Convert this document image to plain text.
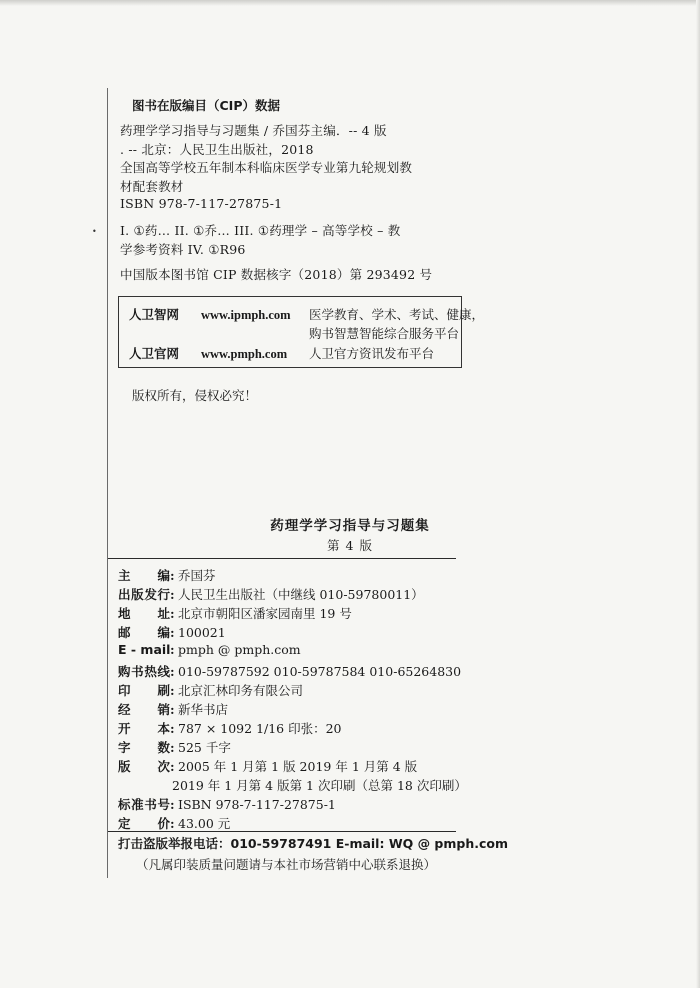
•
图书在版编目（CIP）数据
药理学学习指导与习题集 / 乔国芬主编．-- 4 版
. -- 北京：人民卫生出版社，2018
全国高等学校五年制本科临床医学专业第九轮规划教
材配套教材
ISBN 978-7-117-27875-1
I. ①药… II. ①乔… III. ①药理学 – 高等学校 – 教
学参考资料 IV. ①R96
中国版本图书馆 CIP 数据核字（2018）第 293492 号
人卫智网 www.ipmph.com 医学教育、学术、考试、健康，
购书智慧智能综合服务平台
人卫官网 www.pmph.com 人卫官方资讯发布平台
版权所有，侵权必究！
药理学学习指导与习题集
第 4 版
主 编: 乔国芬
出版发行: 人民卫生出版社（中继线 010-59780011）
地 址: 北京市朝阳区潘家园南里 19 号
邮 编: 100021
E - mail: pmph @ pmph.com
购书热线: 010-59787592 010-59787584 010-65264830
印 刷: 北京汇林印务有限公司
经 销: 新华书店
开 本: 787 × 1092 1/16 印张：20
字 数: 525 千字
版 次: 2005 年 1 月第 1 版 2019 年 1 月第 4 版
2019 年 1 月第 4 版第 1 次印刷（总第 18 次印刷）
标准书号: ISBN 978-7-117-27875-1
定 价: 43.00 元
打击盗版举报电话：010-59787491 E-mail: WQ @ pmph.com
（凡属印装质量问题请与本社市场营销中心联系退换）
